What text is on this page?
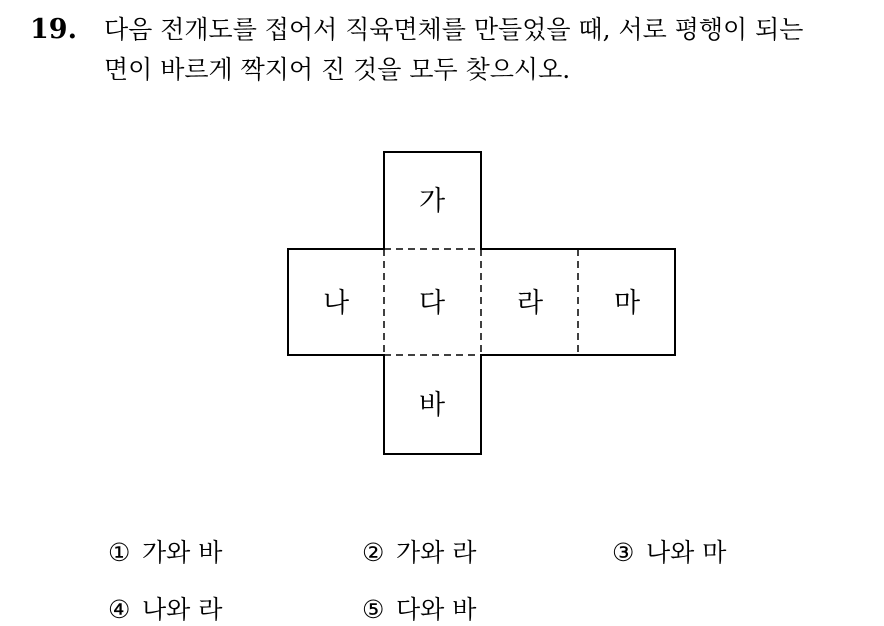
19. 다음 전개도를 접어서 직육면체를 만들었을 때, 서로 평행이 되는
면이 바르게 짝지어 진 것을 모두 찾으시오.
가
나	다	라	마
바
① 가와 바	② 가와 라	③ 나와 마
④ 나와 라	⑤ 다와 바
